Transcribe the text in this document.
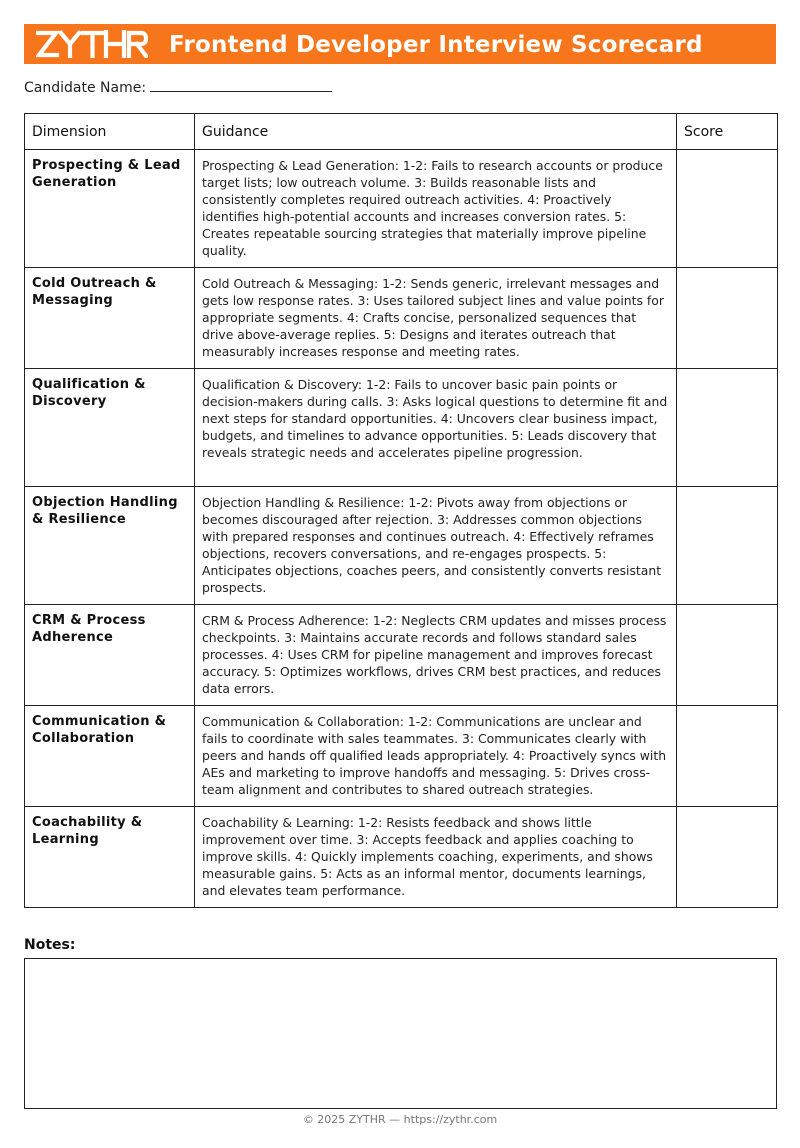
Frontend Developer Interview Scorecard
Candidate Name:
Dimension	Guidance	Score
Prospecting & Lead Generation	Prospecting & Lead Generation: 1-2: Fails to research accounts or produce target lists; low outreach volume. 3: Builds reasonable lists and consistently completes required outreach activities. 4: Proactively identifies high-potential accounts and increases conversion rates. 5: Creates repeatable sourcing strategies that materially improve pipeline quality.	
Cold Outreach & Messaging	Cold Outreach & Messaging: 1-2: Sends generic, irrelevant messages and gets low response rates. 3: Uses tailored subject lines and value points for appropriate segments. 4: Crafts concise, personalized sequences that drive above-average replies. 5: Designs and iterates outreach that measurably increases response and meeting rates.	
Qualification & Discovery	Qualification & Discovery: 1-2: Fails to uncover basic pain points or decision-makers during calls. 3: Asks logical questions to determine fit and next steps for standard opportunities. 4: Uncovers clear business impact, budgets, and timelines to advance opportunities. 5: Leads discovery that reveals strategic needs and accelerates pipeline progression.	
Objection Handling & Resilience	Objection Handling & Resilience: 1-2: Pivots away from objections or becomes discouraged after rejection. 3: Addresses common objections with prepared responses and continues outreach. 4: Effectively reframes objections, recovers conversations, and re-engages prospects. 5: Anticipates objections, coaches peers, and consistently converts resistant prospects.	
CRM & Process Adherence	CRM & Process Adherence: 1-2: Neglects CRM updates and misses process checkpoints. 3: Maintains accurate records and follows standard sales processes. 4: Uses CRM for pipeline management and improves forecast accuracy. 5: Optimizes workflows, drives CRM best practices, and reduces data errors.	
Communication & Collaboration	Communication & Collaboration: 1-2: Communications are unclear and fails to coordinate with sales teammates. 3: Communicates clearly with peers and hands off qualified leads appropriately. 4: Proactively syncs with AEs and marketing to improve handoffs and messaging. 5: Drives cross-team alignment and contributes to shared outreach strategies.	
Coachability & Learning	Coachability & Learning: 1-2: Resists feedback and shows little improvement over time. 3: Accepts feedback and applies coaching to improve skills. 4: Quickly implements coaching, experiments, and shows measurable gains. 5: Acts as an informal mentor, documents learnings, and elevates team performance.	
Notes:
© 2025 ZYTHR — https://zythr.com
